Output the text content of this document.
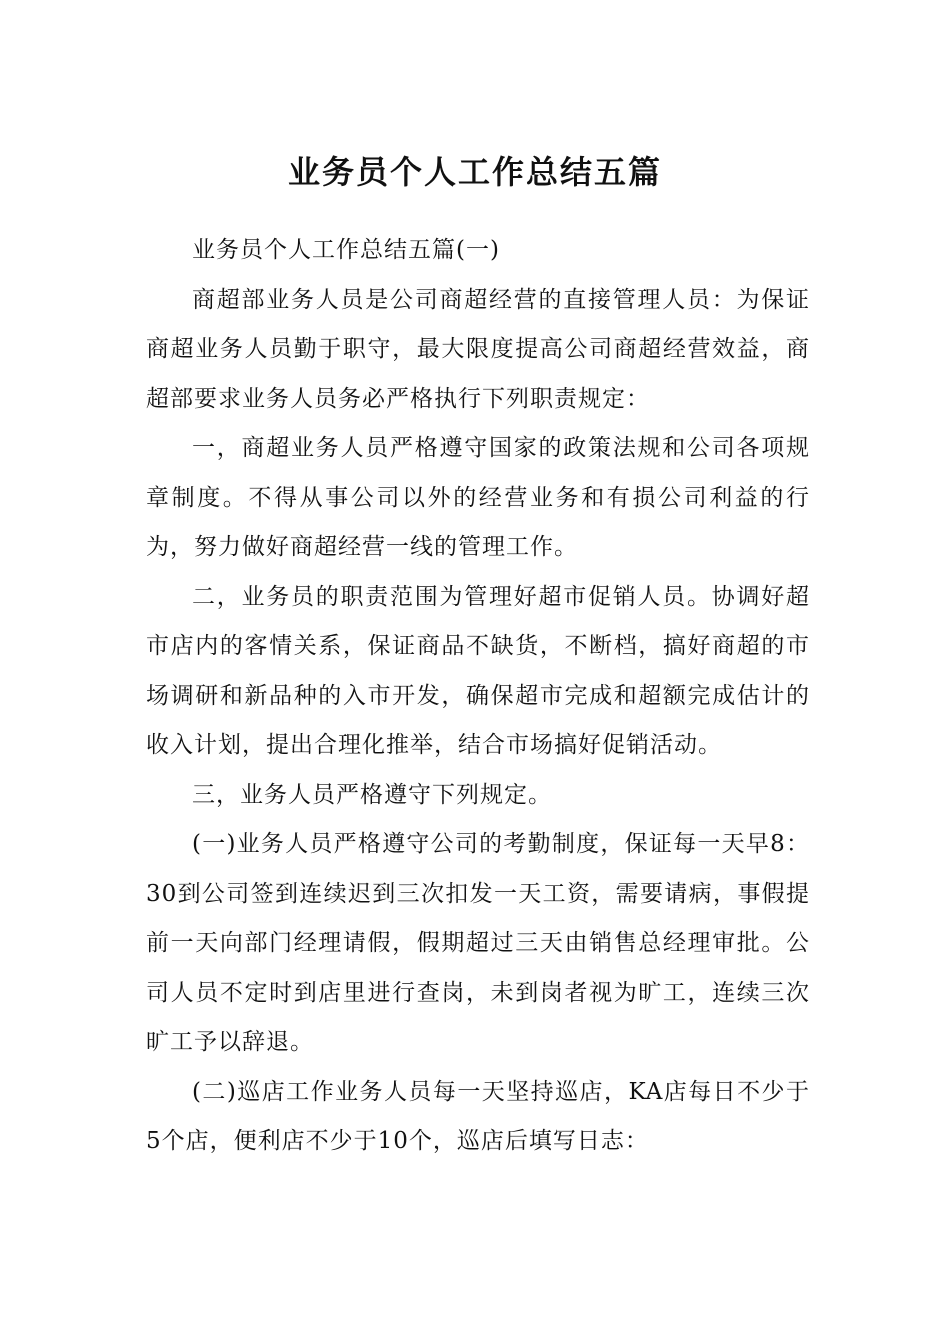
业务员个人工作总结五篇

业务员个人工作总结五篇(一)

商超部业务人员是公司商超经营的直接管理人员：为保证商超业务人员勤于职守，最大限度提高公司商超经营效益，商超部要求业务人员务必严格执行下列职责规定：

一，商超业务人员严格遵守国家的政策法规和公司各项规章制度。不得从事公司以外的经营业务和有损公司利益的行为，努力做好商超经营一线的管理工作。

二，业务员的职责范围为管理好超市促销人员。协调好超市店内的客情关系，保证商品不缺货，不断档，搞好商超的市场调研和新品种的入市开发，确保超市完成和超额完成估计的收入计划，提出合理化推举，结合市场搞好促销活动。

三，业务人员严格遵守下列规定。

(一)业务人员严格遵守公司的考勤制度，保证每一天早8：30到公司签到连续迟到三次扣发一天工资，需要请病，事假提前一天向部门经理请假，假期超过三天由销售总经理审批。公司人员不定时到店里进行查岗，未到岗者视为旷工，连续三次旷工予以辞退。

(二)巡店工作业务人员每一天坚持巡店，KA店每日不少于5个店，便利店不少于10个，巡店后填写日志：
